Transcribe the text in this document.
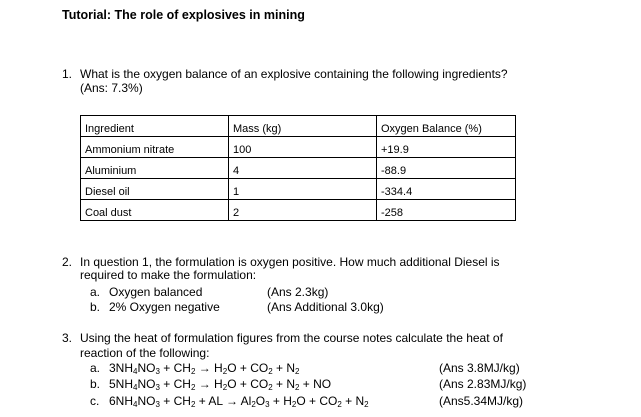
Tutorial: The role of explosives in mining
1. What is the oxygen balance of an explosive containing the following ingredients?
(Ans: 7.3%)
Ingredient	Mass (kg)	Oxygen Balance (%)
Ammonium nitrate	100	+19.9
Aluminium	4	-88.9
Diesel oil	1	-334.4
Coal dust	2	-258
2. In question 1, the formulation is oxygen positive. How much additional Diesel is
required to make the formulation:
a. Oxygen balanced	(Ans 2.3kg)
b. 2% Oxygen negative	(Ans Additional 3.0kg)
3. Using the heat of formulation figures from the course notes calculate the heat of
reaction of the following:
a. $3NH_4NO_3 + CH_2 \to H_2O + CO_2 + N_2$	(Ans 3.8MJ/kg)
b. $5NH_4NO_3 + CH_2 \to H_2O + CO_2 + N_2$ + NO	(Ans 2.83MJ/kg)
c. $6NH_4NO_3 + CH_2$ + AL → $Al_2O_3 + H_2O + CO_2 + N_2$	(Ans5.34MJ/kg)
